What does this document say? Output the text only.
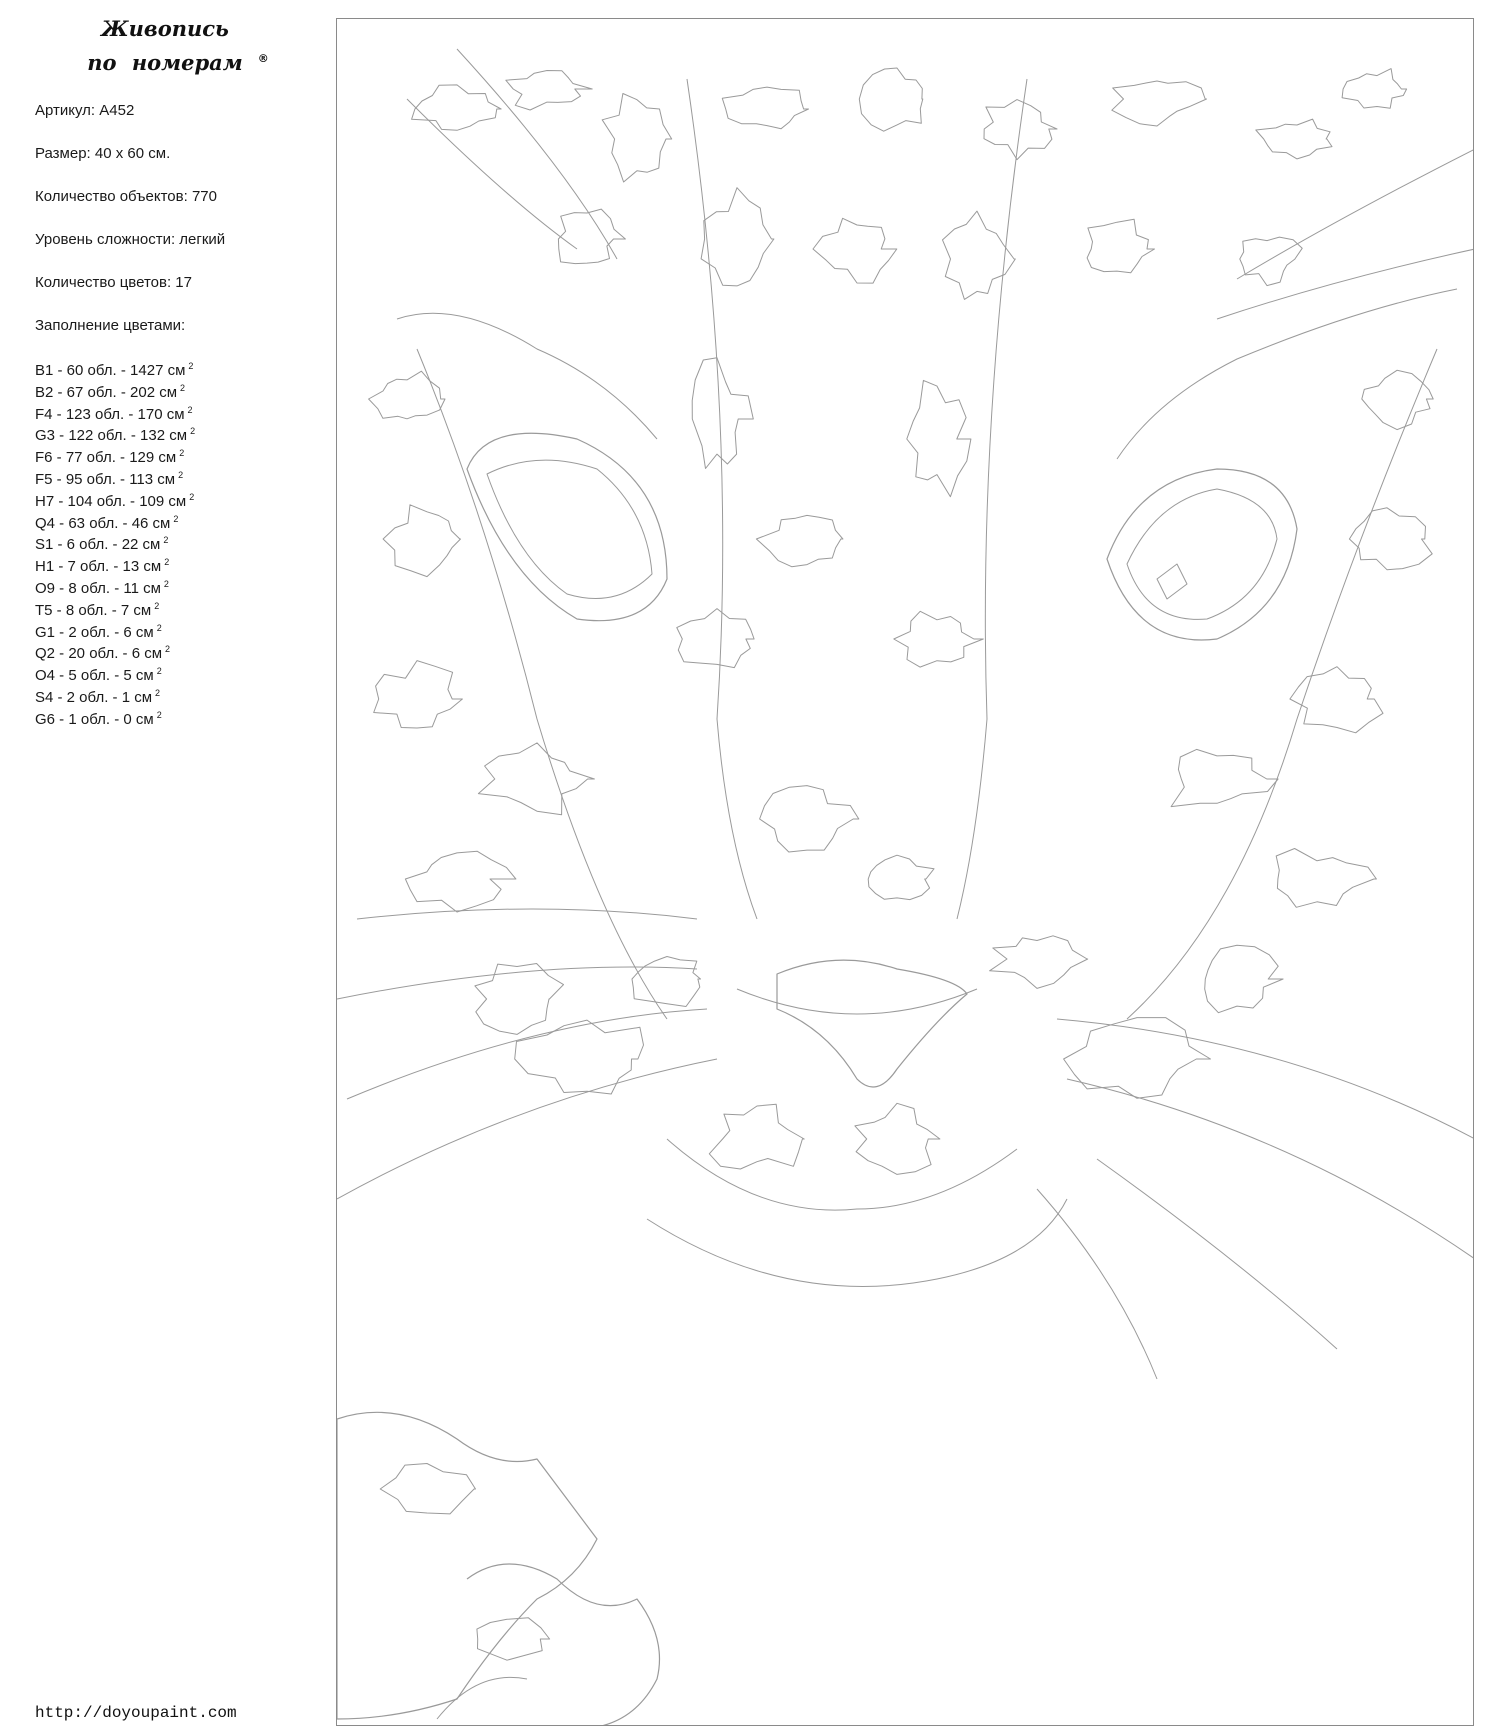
Живопись
по номерам ®
Артикул: A452
Размер: 40 х 60 см.
Количество объектов: 770
Уровень сложности: легкий
Количество цветов: 17
Заполнение цветами:
B1 - 60 обл. - 1427 см $^2$
B2 - 67 обл. - 202 см $^2$
F4 - 123 обл. - 170 см $^2$
G3 - 122 обл. - 132 см $^2$
F6 - 77 обл. - 129 см $^2$
F5 - 95 обл. - 113 см $^2$
H7 - 104 обл. - 109 см $^2$
Q4 - 63 обл. - 46 см $^2$
S1 - 6 обл. - 22 см $^2$
H1 - 7 обл. - 13 см $^2$
O9 - 8 обл. - 11 см $^2$
T5 - 8 обл. - 7 см $^2$
G1 - 2 обл. - 6 см $^2$
Q2 - 20 обл. - 6 см $^2$
O4 - 5 обл. - 5 см $^2$
S4 - 2 обл. - 1 см $^2$
G6 - 1 обл. - 0 см $^2$
http://doyoupaint.com
